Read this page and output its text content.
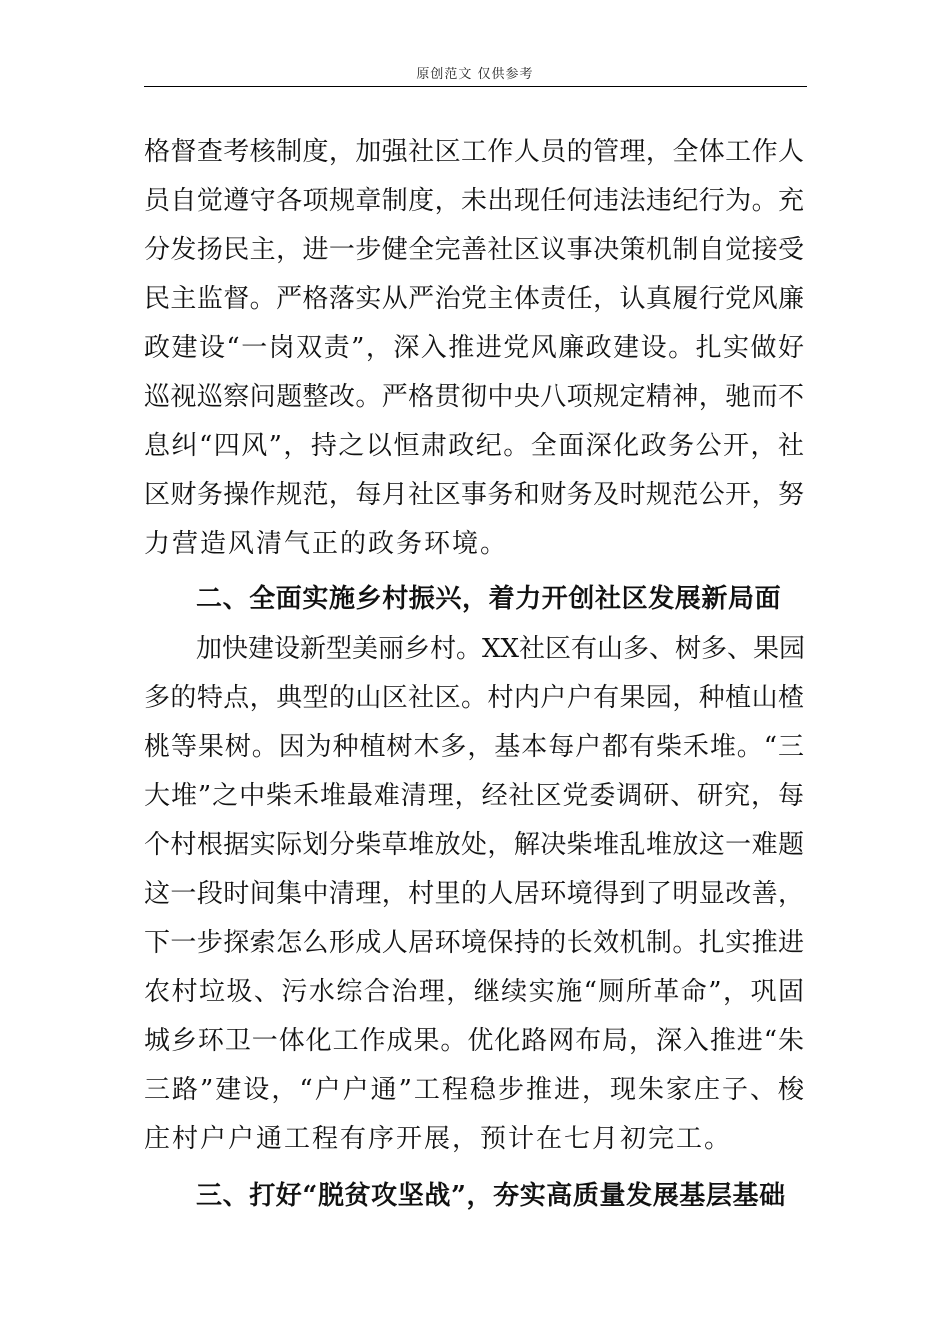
原创范文 仅供参考
格督查考核制度，加强社区工作人员的管理，全体工作人
员自觉遵守各项规章制度，未出现任何违法违纪行为。充
分发扬民主，进一步健全完善社区议事决策机制自觉接受
民主监督。严格落实从严治党主体责任，认真履行党风廉
政建设“一岗双责”，深入推进党风廉政建设。扎实做好
巡视巡察问题整改。严格贯彻中央八项规定精神，驰而不
息纠“四风”，持之以恒肃政纪。全面深化政务公开，社
区财务操作规范，每月社区事务和财务及时规范公开，努
力营造风清气正的政务环境。
二、全面实施乡村振兴，着力开创社区发展新局面
加快建设新型美丽乡村。XX社区有山多、树多、果园
多的特点，典型的山区社区。村内户户有果园，种植山楂
桃等果树。因为种植树木多，基本每户都有柴禾堆。“三
大堆”之中柴禾堆最难清理，经社区党委调研、研究，每
个村根据实际划分柴草堆放处，解决柴堆乱堆放这一难题
这一段时间集中清理，村里的人居环境得到了明显改善，
下一步探索怎么形成人居环境保持的长效机制。扎实推进
农村垃圾、污水综合治理，继续实施“厕所革命”，巩固
城乡环卫一体化工作成果。优化路网布局，深入推进“朱
三路”建设，“户户通”工程稳步推进，现朱家庄子、梭
庄村户户通工程有序开展，预计在七月初完工。
三、打好“脱贫攻坚战”，夯实高质量发展基层基础
